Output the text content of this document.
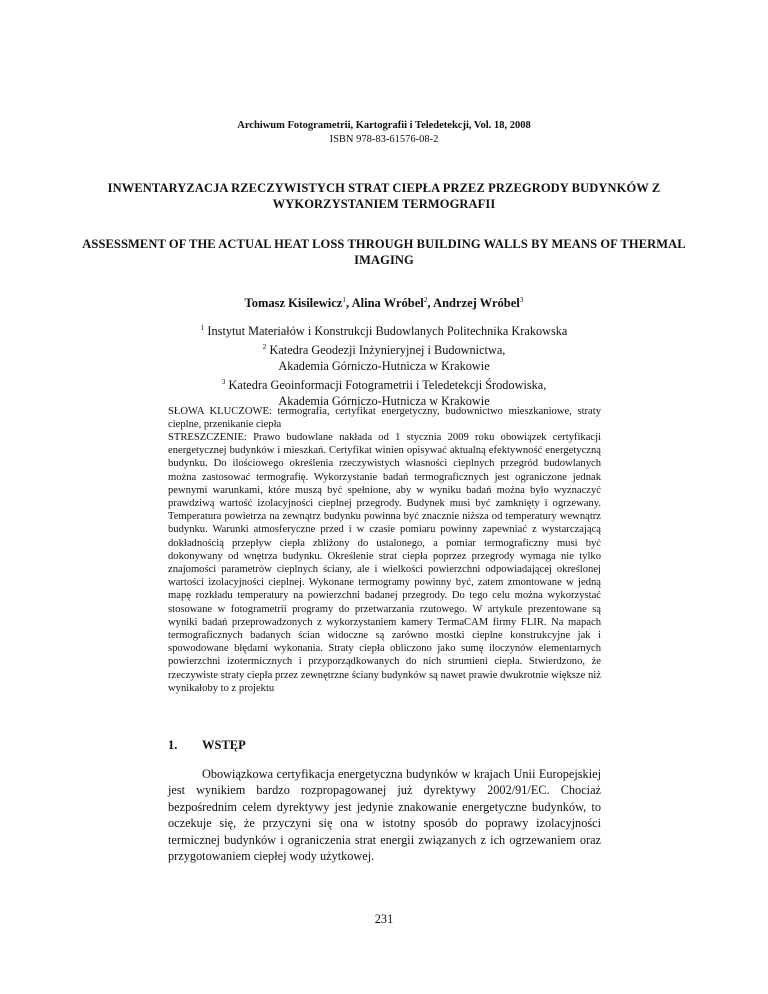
Archiwum Fotogrametrii, Kartografii i Teledetekcji, Vol. 18, 2008
ISBN 978-83-61576-08-2
INWENTARYZACJA RZECZYWISTYCH STRAT CIEPŁA PRZEZ PRZEGRODY BUDYNKÓW Z WYKORZYSTANIEM TERMOGRAFII
ASSESSMENT OF THE ACTUAL HEAT LOSS THROUGH BUILDING WALLS BY MEANS OF THERMAL IMAGING
Tomasz Kisilewicz$^1$, Alina Wróbel$^2$, Andrzej Wróbel$^3$
$^1$ Instytut Materiałów i Konstrukcji Budowlanych Politechnika Krakowska
$^2$ Katedra Geodezji Inżynieryjnej i Budownictwa,
Akademia Górniczo-Hutnicza w Krakowie
$^3$ Katedra Geoinformacji Fotogrametrii i Teledetekcji Środowiska,
Akademia Górniczo-Hutnicza w Krakowie
SŁOWA KLUCZOWE: termografia, certyfikat energetyczny, budownictwo mieszkaniowe, straty cieplne, przenikanie ciepła
STRESZCZENIE: Prawo budowlane nakłada od 1 stycznia 2009 roku obowiązek certyfikacji energetycznej budynków i mieszkań. Certyfikat winien opisywać aktualną efektywność energetyczną budynku. Do ilościowego określenia rzeczywistych własności cieplnych przegród budowlanych można zastosować termografię. Wykorzystanie badań termograficznych jest ograniczone jednak pewnymi warunkami, które muszą być spełnione, aby w wyniku badań można było wyznaczyć prawdziwą wartość izolacyjności cieplnej przegrody. Budynek musi być zamknięty i ogrzewany. Temperatura powietrza na zewnątrz budynku powinna być znacznie niższa od temperatury wewnątrz budynku. Warunki atmosferyczne przed i w czasie pomiaru powinny zapewniać z wystarczającą dokładnością przepływ ciepła zbliżony do ustalonego, a pomiar termograficzny musi być dokonywany od wnętrza budynku. Określenie strat ciepła poprzez przegrody wymaga nie tylko znajomości parametrów cieplnych ściany, ale i wielkości powierzchni odpowiadającej określonej wartości izolacyjności cieplnej. Wykonane termogramy powinny być, zatem zmontowane w jedną mapę rozkładu temperatury na powierzchni badanej przegrody. Do tego celu można wykorzystać stosowane w fotogrametrii programy do przetwarzania rzutowego. W artykule prezentowane są wyniki badań przeprowadzonych z wykorzystaniem kamery TermaCAM firmy FLIR. Na mapach termograficznych badanych ścian widoczne są zarówno mostki cieplne konstrukcyjne jak i spowodowane błędami wykonania. Straty ciepła obliczono jako sumę iloczynów elementarnych powierzchni izotermicznych i przyporządkowanych do nich strumieni ciepła. Stwierdzono, że rzeczywiste straty ciepła przez zewnętrzne ściany budynków są nawet prawie dwukrotnie większe niż wynikałoby to z projektu
1. WSTĘP
Obowiązkowa certyfikacja energetyczna budynków w krajach Unii Europejskiej jest wynikiem bardzo rozpropagowanej już dyrektywy 2002/91/EC. Chociaż bezpośrednim celem dyrektywy jest jedynie znakowanie energetyczne budynków, to oczekuje się, że przyczyni się ona w istotny sposób do poprawy izolacyjności termicznej budynków i ograniczenia strat energii związanych z ich ogrzewaniem oraz przygotowaniem ciepłej wody użytkowej.
231
